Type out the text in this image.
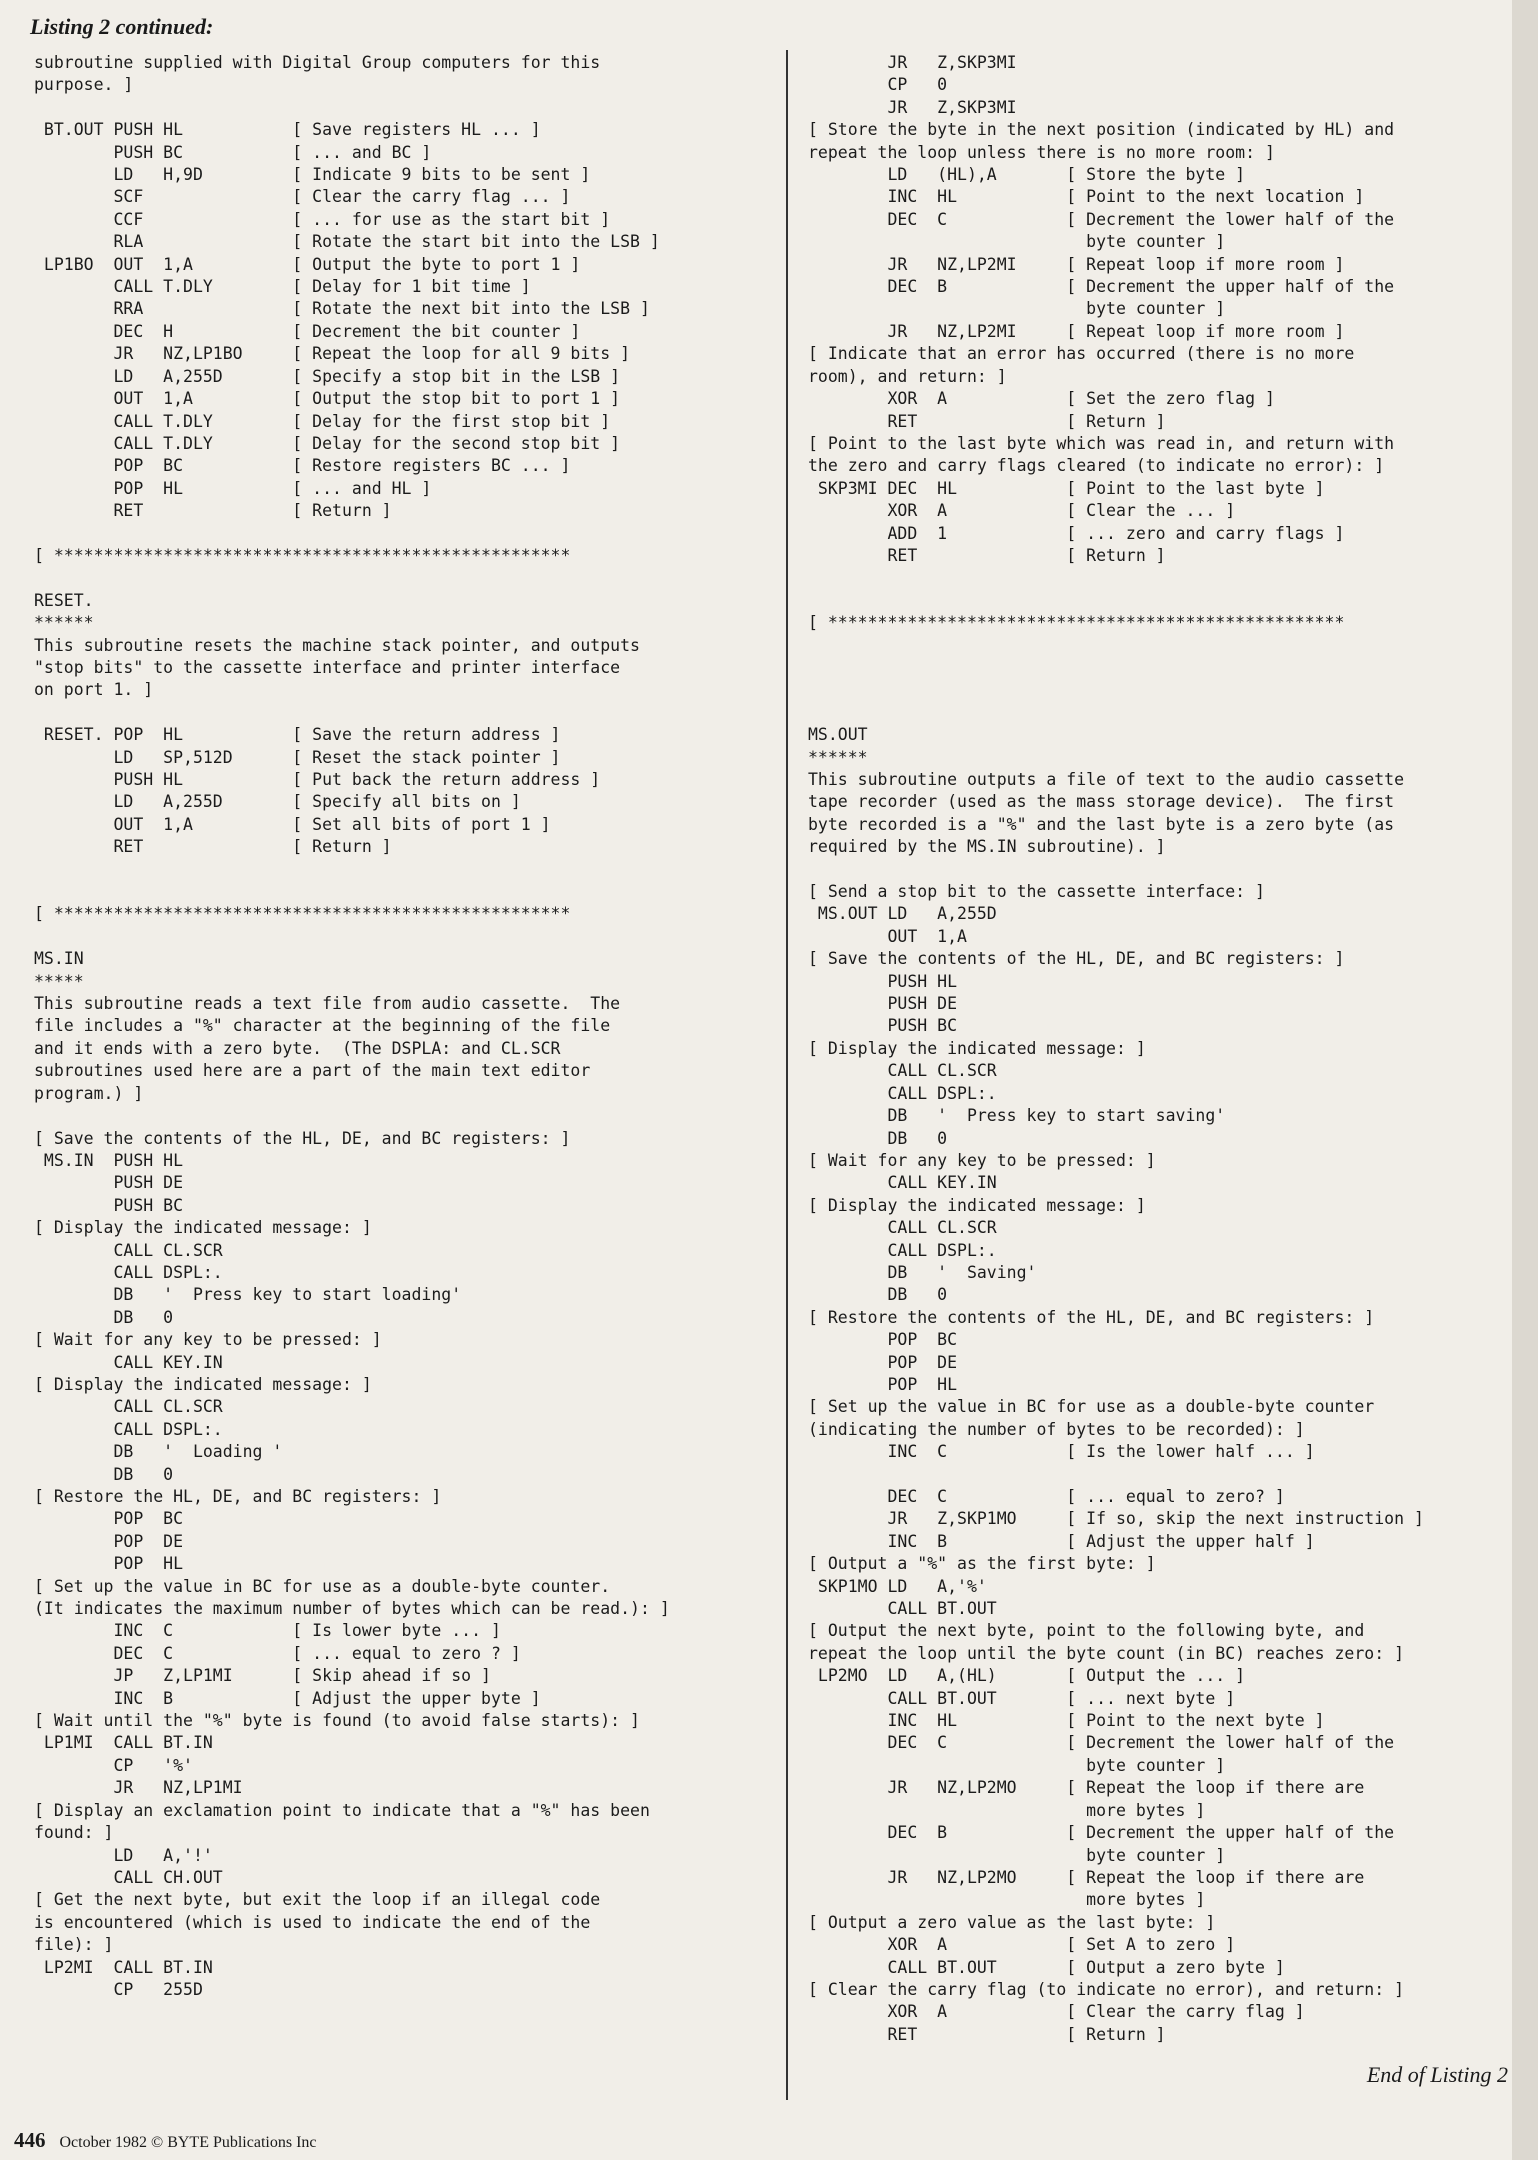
Listing 2 continued:
subroutine supplied with Digital Group computers for this
purpose. ]

BT.OUT PUSH HL           [ Save registers HL ... ]
PUSH BC           [ ... and BC ]
LD   H,9D         [ Indicate 9 bits to be sent ]
SCF               [ Clear the carry flag ... ]
CCF               [ ... for use as the start bit ]
RLA               [ Rotate the start bit into the LSB ]
LP1BO  OUT  1,A          [ Output the byte to port 1 ]
CALL T.DLY        [ Delay for 1 bit time ]
RRA               [ Rotate the next bit into the LSB ]
DEC  H            [ Decrement the bit counter ]
JR   NZ,LP1BO     [ Repeat the loop for all 9 bits ]
LD   A,255D       [ Specify a stop bit in the LSB ]
OUT  1,A          [ Output the stop bit to port 1 ]
CALL T.DLY        [ Delay for the first stop bit ]
CALL T.DLY        [ Delay for the second stop bit ]
POP  BC           [ Restore registers BC ... ]
POP  HL           [ ... and HL ]
RET               [ Return ]

[ ****************************************************

RESET.
******
This subroutine resets the machine stack pointer, and outputs
"stop bits" to the cassette interface and printer interface
on port 1. ]

RESET. POP  HL           [ Save the return address ]
LD   SP,512D      [ Reset the stack pointer ]
PUSH HL           [ Put back the return address ]
LD   A,255D       [ Specify all bits on ]
OUT  1,A          [ Set all bits of port 1 ]
RET               [ Return ]

[ ****************************************************

MS.IN
*****
This subroutine reads a text file from audio cassette.  The
file includes a "%" character at the beginning of the file
and it ends with a zero byte.  (The DSPLA: and CL.SCR
subroutines used here are a part of the main text editor
program.) ]

[ Save the contents of the HL, DE, and BC registers: ]
MS.IN  PUSH HL
PUSH DE
PUSH BC
[ Display the indicated message: ]
CALL CL.SCR
CALL DSPL:.
DB   '  Press key to start loading'
DB   0
[ Wait for any key to be pressed: ]
CALL KEY.IN
[ Display the indicated message: ]
CALL CL.SCR
CALL DSPL:.
DB   '  Loading '
DB   0
[ Restore the HL, DE, and BC registers: ]
POP  BC
POP  DE
POP  HL
[ Set up the value in BC for use as a double-byte counter.
(It indicates the maximum number of bytes which can be read.): ]
INC  C            [ Is lower byte ... ]
DEC  C            [ ... equal to zero ? ]
JP   Z,LP1MI      [ Skip ahead if so ]
INC  B            [ Adjust the upper byte ]
[ Wait until the "%" byte is found (to avoid false starts): ]
LP1MI  CALL BT.IN
CP   '%'
JR   NZ,LP1MI
[ Display an exclamation point to indicate that a "%" has been
found: ]
LD   A,'!'
CALL CH.OUT
[ Get the next byte, but exit the loop if an illegal code
is encountered (which is used to indicate the end of the
file): ]
LP2MI  CALL BT.IN
CP   255D
JR   Z,SKP3MI
CP   0
JR   Z,SKP3MI
[ Store the byte in the next position (indicated by HL) and
repeat the loop unless there is no more room: ]
LD   (HL),A       [ Store the byte ]
INC  HL           [ Point to the next location ]
DEC  C            [ Decrement the lower half of the
byte counter ]
JR   NZ,LP2MI     [ Repeat loop if more room ]
DEC  B            [ Decrement the upper half of the
byte counter ]
JR   NZ,LP2MI     [ Repeat loop if more room ]
[ Indicate that an error has occurred (there is no more
room), and return: ]
XOR  A            [ Set the zero flag ]
RET               [ Return ]
[ Point to the last byte which was read in, and return with
the zero and carry flags cleared (to indicate no error): ]
SKP3MI DEC  HL           [ Point to the last byte ]
XOR  A            [ Clear the ... ]
ADD  1            [ ... zero and carry flags ]
RET               [ Return ]

[ ****************************************************

MS.OUT
******
This subroutine outputs a file of text to the audio cassette
tape recorder (used as the mass storage device).  The first
byte recorded is a "%" and the last byte is a zero byte (as
required by the MS.IN subroutine). ]

[ Send a stop bit to the cassette interface: ]
MS.OUT LD   A,255D
OUT  1,A
[ Save the contents of the HL, DE, and BC registers: ]
PUSH HL
PUSH DE
PUSH BC
[ Display the indicated message: ]
CALL CL.SCR
CALL DSPL:.
DB   '  Press key to start saving'
DB   0
[ Wait for any key to be pressed: ]
CALL KEY.IN
[ Display the indicated message: ]
CALL CL.SCR
CALL DSPL:.
DB   '  Saving'
DB   0
[ Restore the contents of the HL, DE, and BC registers: ]
POP  BC
POP  DE
POP  HL
[ Set up the value in BC for use as a double-byte counter
(indicating the number of bytes to be recorded): ]
INC  C            [ Is the lower half ... ]

DEC  C            [ ... equal to zero? ]
JR   Z,SKP1MO     [ If so, skip the next instruction ]
INC  B            [ Adjust the upper half ]
[ Output a "%" as the first byte: ]
SKP1MO LD   A,'%'
CALL BT.OUT
[ Output the next byte, point to the following byte, and
repeat the loop until the byte count (in BC) reaches zero: ]
LP2MO  LD   A,(HL)       [ Output the ... ]
CALL BT.OUT       [ ... next byte ]
INC  HL           [ Point to the next byte ]
DEC  C            [ Decrement the lower half of the
byte counter ]
JR   NZ,LP2MO     [ Repeat the loop if there are
more bytes ]
DEC  B            [ Decrement the upper half of the
byte counter ]
JR   NZ,LP2MO     [ Repeat the loop if there are
more bytes ]
[ Output a zero value as the last byte: ]
XOR  A            [ Set A to zero ]
CALL BT.OUT       [ Output a zero byte ]
[ Clear the carry flag (to indicate no error), and return: ]
XOR  A            [ Clear the carry flag ]
RET               [ Return ]
End of Listing 2
446 October 1982 © BYTE Publications Inc
